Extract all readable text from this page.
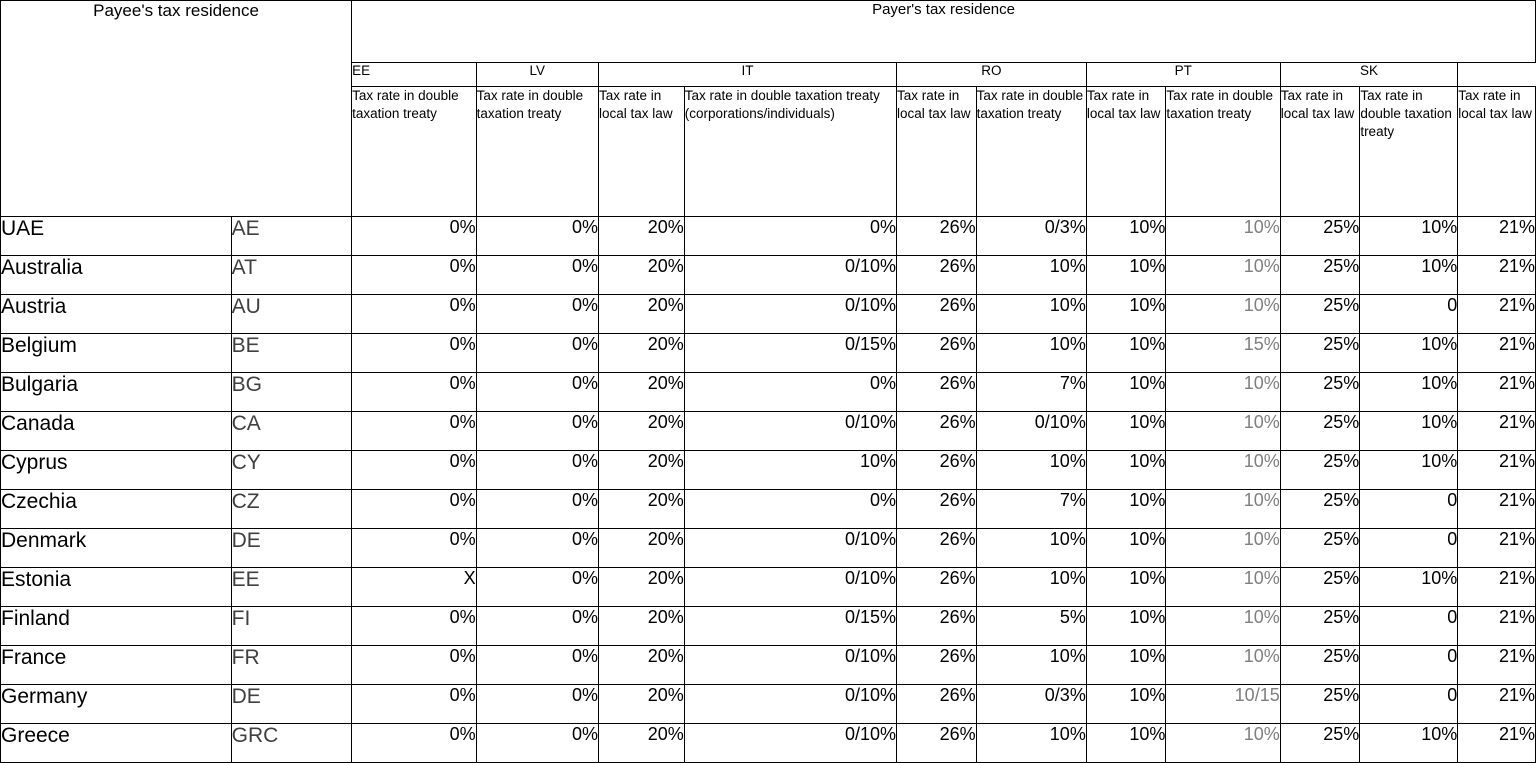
Payee's tax residence		Payer's tax residence										
		EE	LV	IT		RO		PT		SK		
		Tax rate in double taxation treaty	Tax rate in double taxation treaty	Tax rate in local tax law	Tax rate in double taxation treaty (corporations/individuals)	Tax rate in local tax law	Tax rate in double taxation treaty	Tax rate in local tax law	Tax rate in double taxation treaty	Tax rate in local tax law	Tax rate in double taxation treaty	Tax rate in local tax law
UAE	AE	0%	0%	20%	0%	26%	0/3%	10%	10%	25%	10%	21%
Australia	AT	0%	0%	20%	0/10%	26%	10%	10%	10%	25%	10%	21%
Austria	AU	0%	0%	20%	0/10%	26%	10%	10%	10%	25%	0	21%
Belgium	BE	0%	0%	20%	0/15%	26%	10%	10%	15%	25%	10%	21%
Bulgaria	BG	0%	0%	20%	0%	26%	7%	10%	10%	25%	10%	21%
Canada	CA	0%	0%	20%	0/10%	26%	0/10%	10%	10%	25%	10%	21%
Cyprus	CY	0%	0%	20%	10%	26%	10%	10%	10%	25%	10%	21%
Czechia	CZ	0%	0%	20%	0%	26%	7%	10%	10%	25%	0	21%
Denmark	DE	0%	0%	20%	0/10%	26%	10%	10%	10%	25%	0	21%
Estonia	EE	X	0%	20%	0/10%	26%	10%	10%	10%	25%	10%	21%
Finland	FI	0%	0%	20%	0/15%	26%	5%	10%	10%	25%	0	21%
France	FR	0%	0%	20%	0/10%	26%	10%	10%	10%	25%	0	21%
Germany	DE	0%	0%	20%	0/10%	26%	0/3%	10%	10/15	25%	0	21%
Greece	GRC	0%	0%	20%	0/10%	26%	10%	10%	10%	25%	10%	21%
